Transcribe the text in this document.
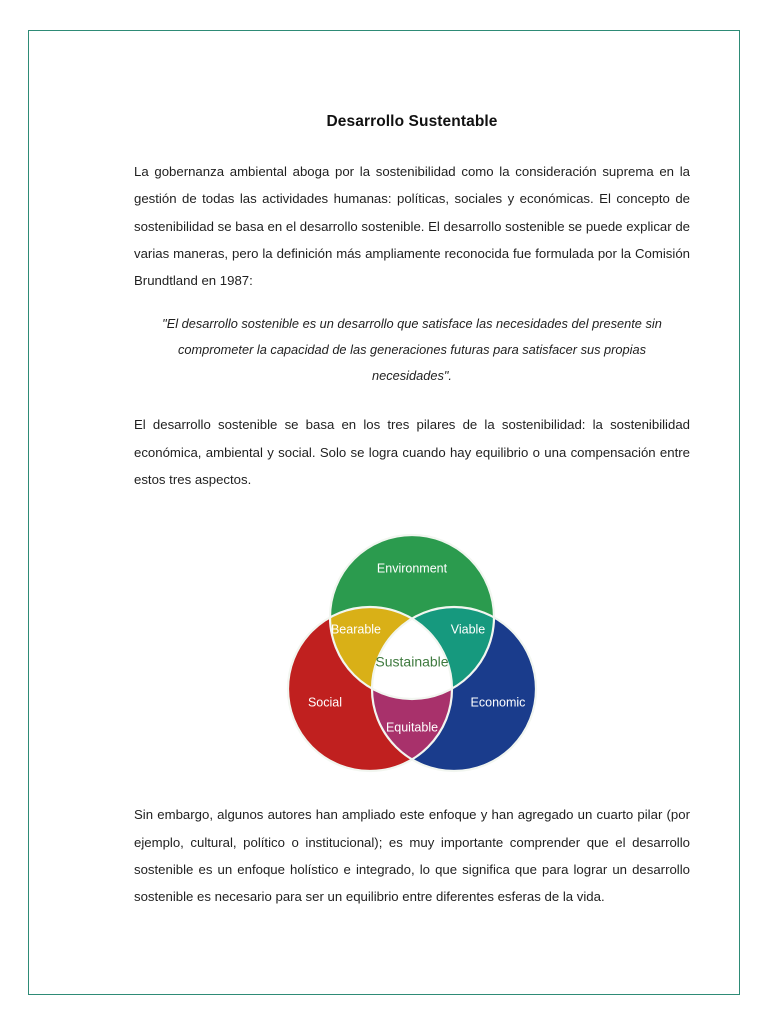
Desarrollo Sustentable

La gobernanza ambiental aboga por la sostenibilidad como la consideración suprema en la gestión de todas las actividades humanas: políticas, sociales y económicas. El concepto de sostenibilidad se basa en el desarrollo sostenible. El desarrollo sostenible se puede explicar de varias maneras, pero la definición más ampliamente reconocida fue formulada por la Comisión Brundtland en 1987:

"El desarrollo sostenible es un desarrollo que satisface las necesidades del presente sin comprometer la capacidad de las generaciones futuras para satisfacer sus propias necesidades".

El desarrollo sostenible se basa en los tres pilares de la sostenibilidad: la sostenibilidad económica, ambiental y social. Solo se logra cuando hay equilibrio o una compensación entre estos tres aspectos.

Environment
Social	Economic
Bearable	Viable
Equitable
Sustainable

Sin embargo, algunos autores han ampliado este enfoque y han agregado un cuarto pilar (por ejemplo, cultural, político o institucional); es muy importante comprender que el desarrollo sostenible es un enfoque holístico e integrado, lo que significa que para lograr un desarrollo sostenible es necesario para ser un equilibrio entre diferentes esferas de la vida.
